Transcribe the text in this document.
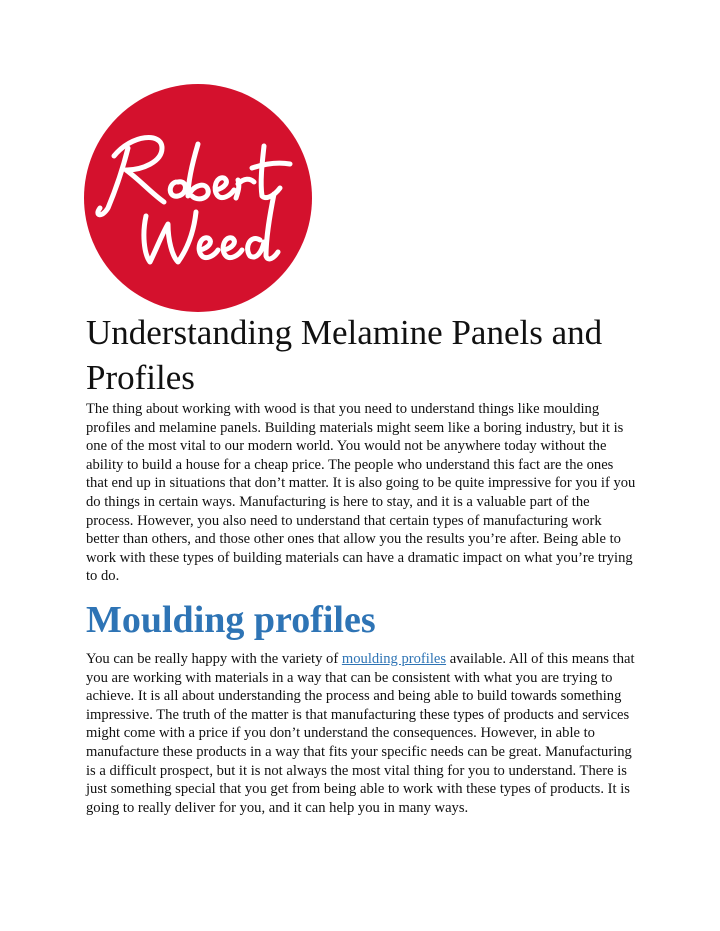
Understanding Melamine Panels and Profiles

The thing about working with wood is that you need to understand things like moulding profiles and melamine panels. Building materials might seem like a boring industry, but it is one of the most vital to our modern world. You would not be anywhere today without the ability to build a house for a cheap price. The people who understand this fact are the ones that end up in situations that don’t matter. It is also going to be quite impressive for you if you do things in certain ways. Manufacturing is here to stay, and it is a valuable part of the process. However, you also need to understand that certain types of manufacturing work better than others, and those other ones that allow you the results you’re after. Being able to work with these types of building materials can have a dramatic impact on what you’re trying to do.

Moulding profiles

You can be really happy with the variety of moulding profiles available. All of this means that you are working with materials in a way that can be consistent with what you are trying to achieve. It is all about understanding the process and being able to build towards something impressive. The truth of the matter is that manufacturing these types of products and services might come with a price if you don’t understand the consequences. However, in able to manufacture these products in a way that fits your specific needs can be great. Manufacturing is a difficult prospect, but it is not always the most vital thing for you to understand. There is just something special that you get from being able to work with these types of products. It is going to really deliver for you, and it can help you in many ways.
